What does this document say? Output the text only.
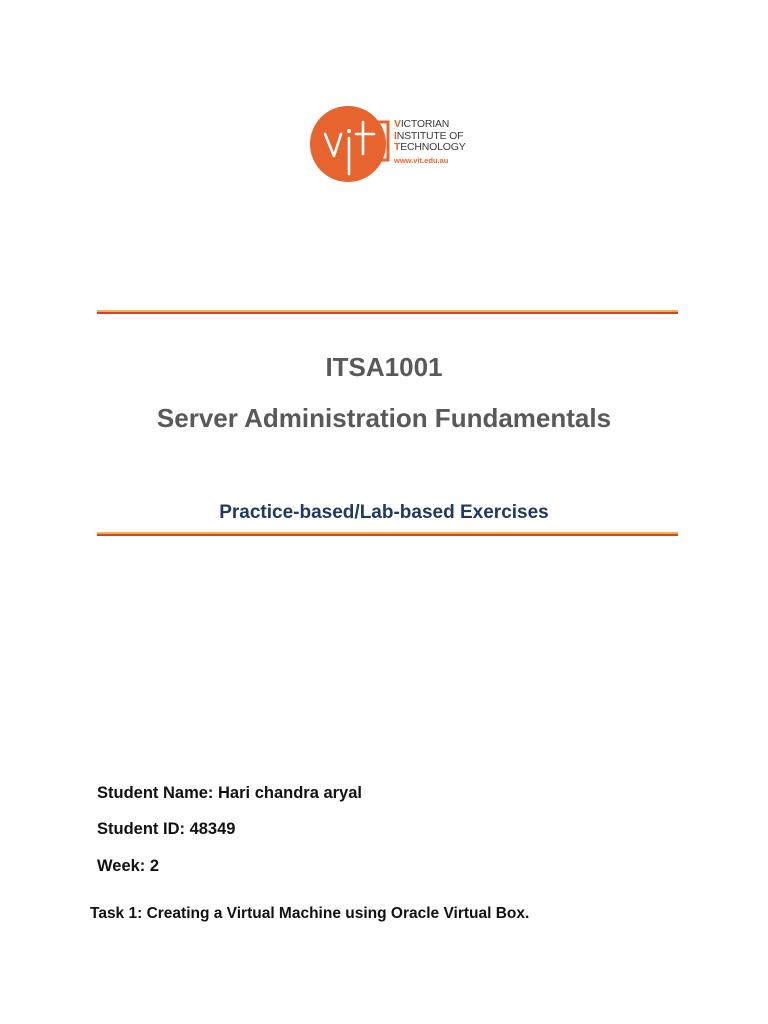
VICTORIAN
INSTITUTE OF
TECHNOLOGY
www.vit.edu.au
ITSA1001
Server Administration Fundamentals
Practice-based/Lab-based Exercises
Student Name: Hari chandra aryal
Student ID: 48349
Week: 2
Task 1: Creating a Virtual Machine using Oracle Virtual Box.
